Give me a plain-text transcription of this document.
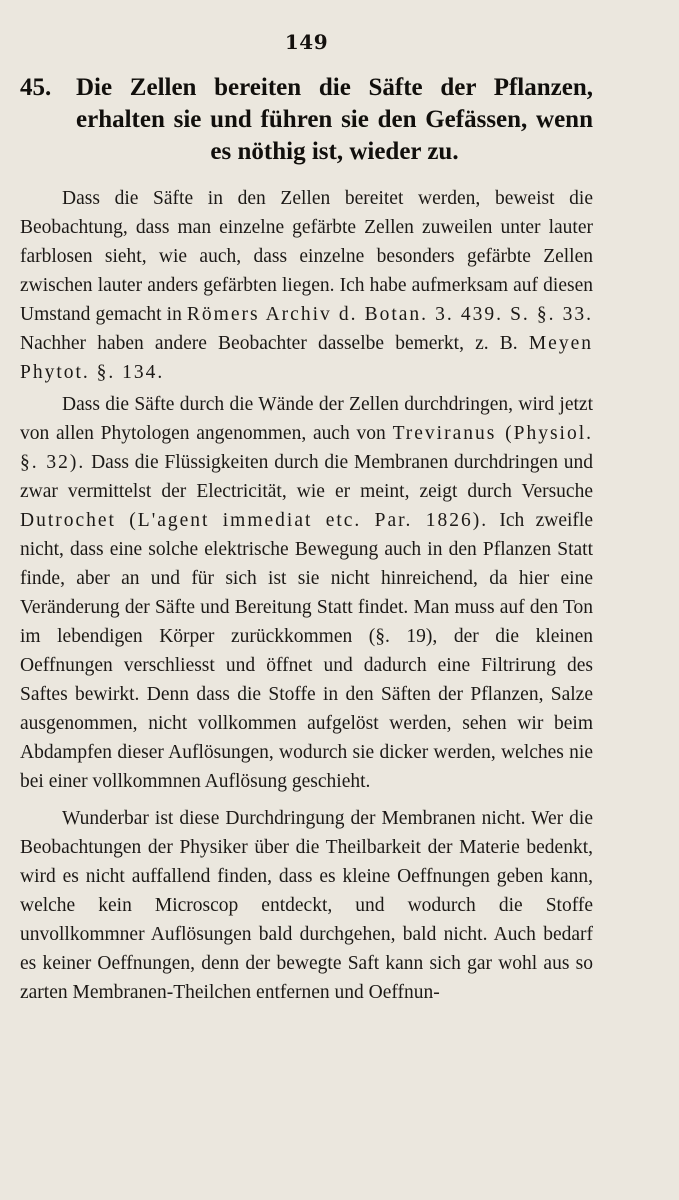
149
45. Die Zellen bereiten die Säfte der Pflanzen, erhalten sie und führen sie den Gefässen, wenn es nöthig ist, wieder zu.

Dass die Säfte in den Zellen bereitet werden, beweist die Beobachtung, dass man einzelne gefärbte Zellen zuweilen unter lauter farblosen sieht, wie auch, dass einzelne besonders gefärbte Zellen zwischen lauter anders gefärbten liegen. Ich habe aufmerksam auf diesen Umstand gemacht in Römers Archiv d. Botan. 3. 439. S. §. 33. Nachher haben andere Beobachter dasselbe bemerkt, z. B. Meyen Phytot. §. 134.

Dass die Säfte durch die Wände der Zellen durchdringen, wird jetzt von allen Phytologen angenommen, auch von Treviranus (Physiol. §. 32). Dass die Flüssigkeiten durch die Membranen durchdringen und zwar vermittelst der Electricität, wie er meint, zeigt durch Versuche Dutrochet (L'agent immediat etc. Par. 1826). Ich zweifle nicht, dass eine solche elektrische Bewegung auch in den Pflanzen Statt finde, aber an und für sich ist sie nicht hinreichend, da hier eine Veränderung der Säfte und Bereitung Statt findet. Man muss auf den Ton im lebendigen Körper zurückkommen (§. 19), der die kleinen Oeffnungen verschliesst und öffnet und dadurch eine Filtrirung des Saftes bewirkt. Denn dass die Stoffe in den Säften der Pflanzen, Salze ausgenommen, nicht vollkommen aufgelöst werden, sehen wir beim Abdampfen dieser Auflösungen, wodurch sie dicker werden, welches nie bei einer vollkommnen Auflösung geschieht.

Wunderbar ist diese Durchdringung der Membranen nicht. Wer die Beobachtungen der Physiker über die Theilbarkeit der Materie bedenkt, wird es nicht auffallend finden, dass es kleine Oeffnungen geben kann, welche kein Microscop entdeckt, und wodurch die Stoffe unvollkommner Auflösungen bald durchgehen, bald nicht. Auch bedarf es keiner Oeffnungen, denn der bewegte Saft kann sich gar wohl aus so zarten Membranen-Theilchen entfernen und Oeffnun-
